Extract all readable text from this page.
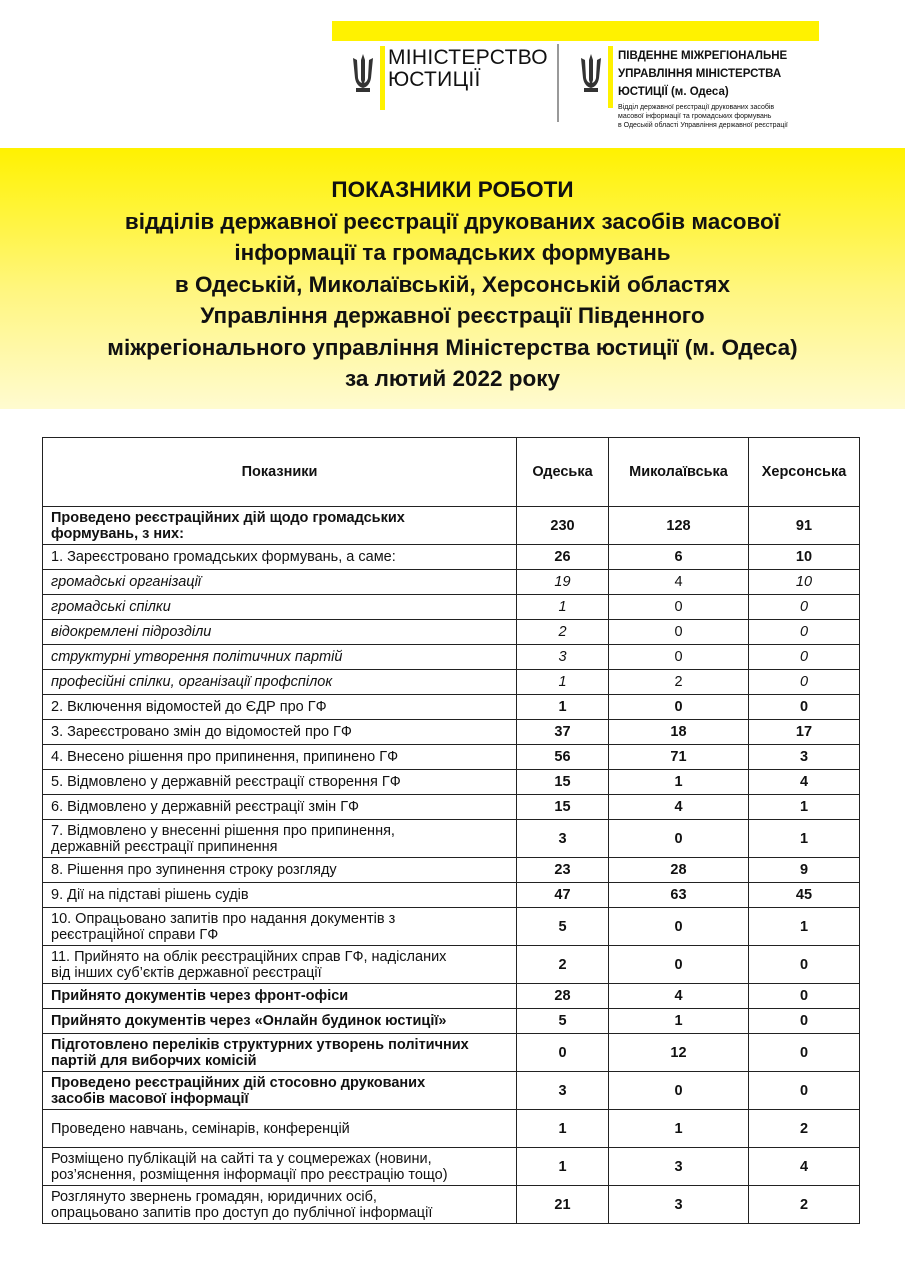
МІНІСТЕРСТВО
ЮСТИЦІЇ
ПІВДЕННЕ МІЖРЕГІОНАЛЬНЕ
УПРАВЛІННЯ МІНІСТЕРСТВА
ЮСТИЦІЇ (м. Одеса)
Відділ державної реєстрації друкованих засобів
масової інформації та громадських формувань
в Одеській області Управління державної реєстрації
ПОКАЗНИКИ РОБОТИ
відділів державної реєстрації друкованих засобів масової
інформації та громадських формувань
в Одеській, Миколаївській, Херсонській областях
Управління державної реєстрації Південного
міжрегіонального управління Міністерства юстиції (м. Одеса)
за лютий 2022 року
Показники	Одеська	Миколаївська	Херсонська

Проведено реєстраційних дій щодо громадських
формувань, з них:	230	128	91

1. Зареєстровано громадських формувань, а саме:	26	6	10

громадські організації	19	4	10

громадські спілки	1	0	0

відокремлені підрозділи	2	0	0

структурні утворення політичних партій	3	0	0

професійні спілки, організації профспілок	1	2	0

2. Включення відомостей до ЄДР про ГФ	1	0	0

3. Зареєстровано змін до відомостей про ГФ	37	18	17

4. Внесено рішення про припинення, припинено ГФ	56	71	3

5. Відмовлено у державній реєстрації створення ГФ	15	1	4

6. Відмовлено у державній реєстрації змін ГФ	15	4	1

7. Відмовлено у внесенні рішення про припинення,
державній реєстрації припинення	3	0	1

8. Рішення про зупинення строку розгляду	23	28	9

9. Дії на підставі рішень судів	47	63	45

10. Опрацьовано запитів про надання документів з
реєстраційної справи ГФ	5	0	1

11. Прийнято на облік реєстраційних справ ГФ, надісланих
від інших суб’єктів державної реєстрації	2	0	0

Прийнято документів через фронт-офіси	28	4	0

Прийнято документів через «Онлайн будинок юстиції»	5	1	0

Підготовлено переліків структурних утворень політичних
партій для виборчих комісій	0	12	0

Проведено реєстраційних дій стосовно друкованих
засобів масової інформації	3	0	0

Проведено навчань, семінарів, конференцій	1	1	2

Розміщено публікацій на сайті та у соцмережах (новини,
роз’яснення, розміщення інформації про реєстрацію тощо)	1	3	4

Розглянуто звернень громадян, юридичних осіб,
опрацьовано запитів про доступ до публічної інформації	21	3	2
